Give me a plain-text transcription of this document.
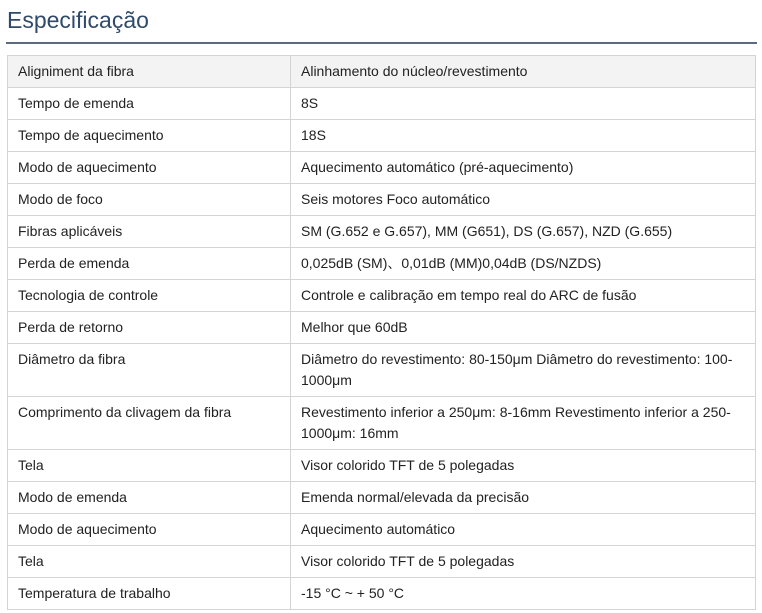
Especificação
Aligniment da fibra	Alinhamento do núcleo/revestimento
Tempo de emenda	8S
Tempo de aquecimento	18S
Modo de aquecimento	Aquecimento automático (pré-aquecimento)
Modo de foco	Seis motores Foco automático
Fibras aplicáveis	SM (G.652 e G.657), MM (G651), DS (G.657), NZD (G.655)
Perda de emenda	0,025dB (SM)、0,01dB (MM)0,04dB (DS/NZDS)
Tecnologia de controle	Controle e calibração em tempo real do ARC de fusão
Perda de retorno	Melhor que 60dB
Diâmetro da fibra	Diâmetro do revestimento: 80-150μm Diâmetro do revestimento: 100-1000μm
Comprimento da clivagem da fibra	Revestimento inferior a 250μm: 8-16mm Revestimento inferior a 250-1000μm: 16mm
Tela	Visor colorido TFT de 5 polegadas
Modo de emenda	Emenda normal/elevada da precisão
Modo de aquecimento	Aquecimento automático
Tela	Visor colorido TFT de 5 polegadas
Temperatura de trabalho	-15 °C ~ + 50 °C
